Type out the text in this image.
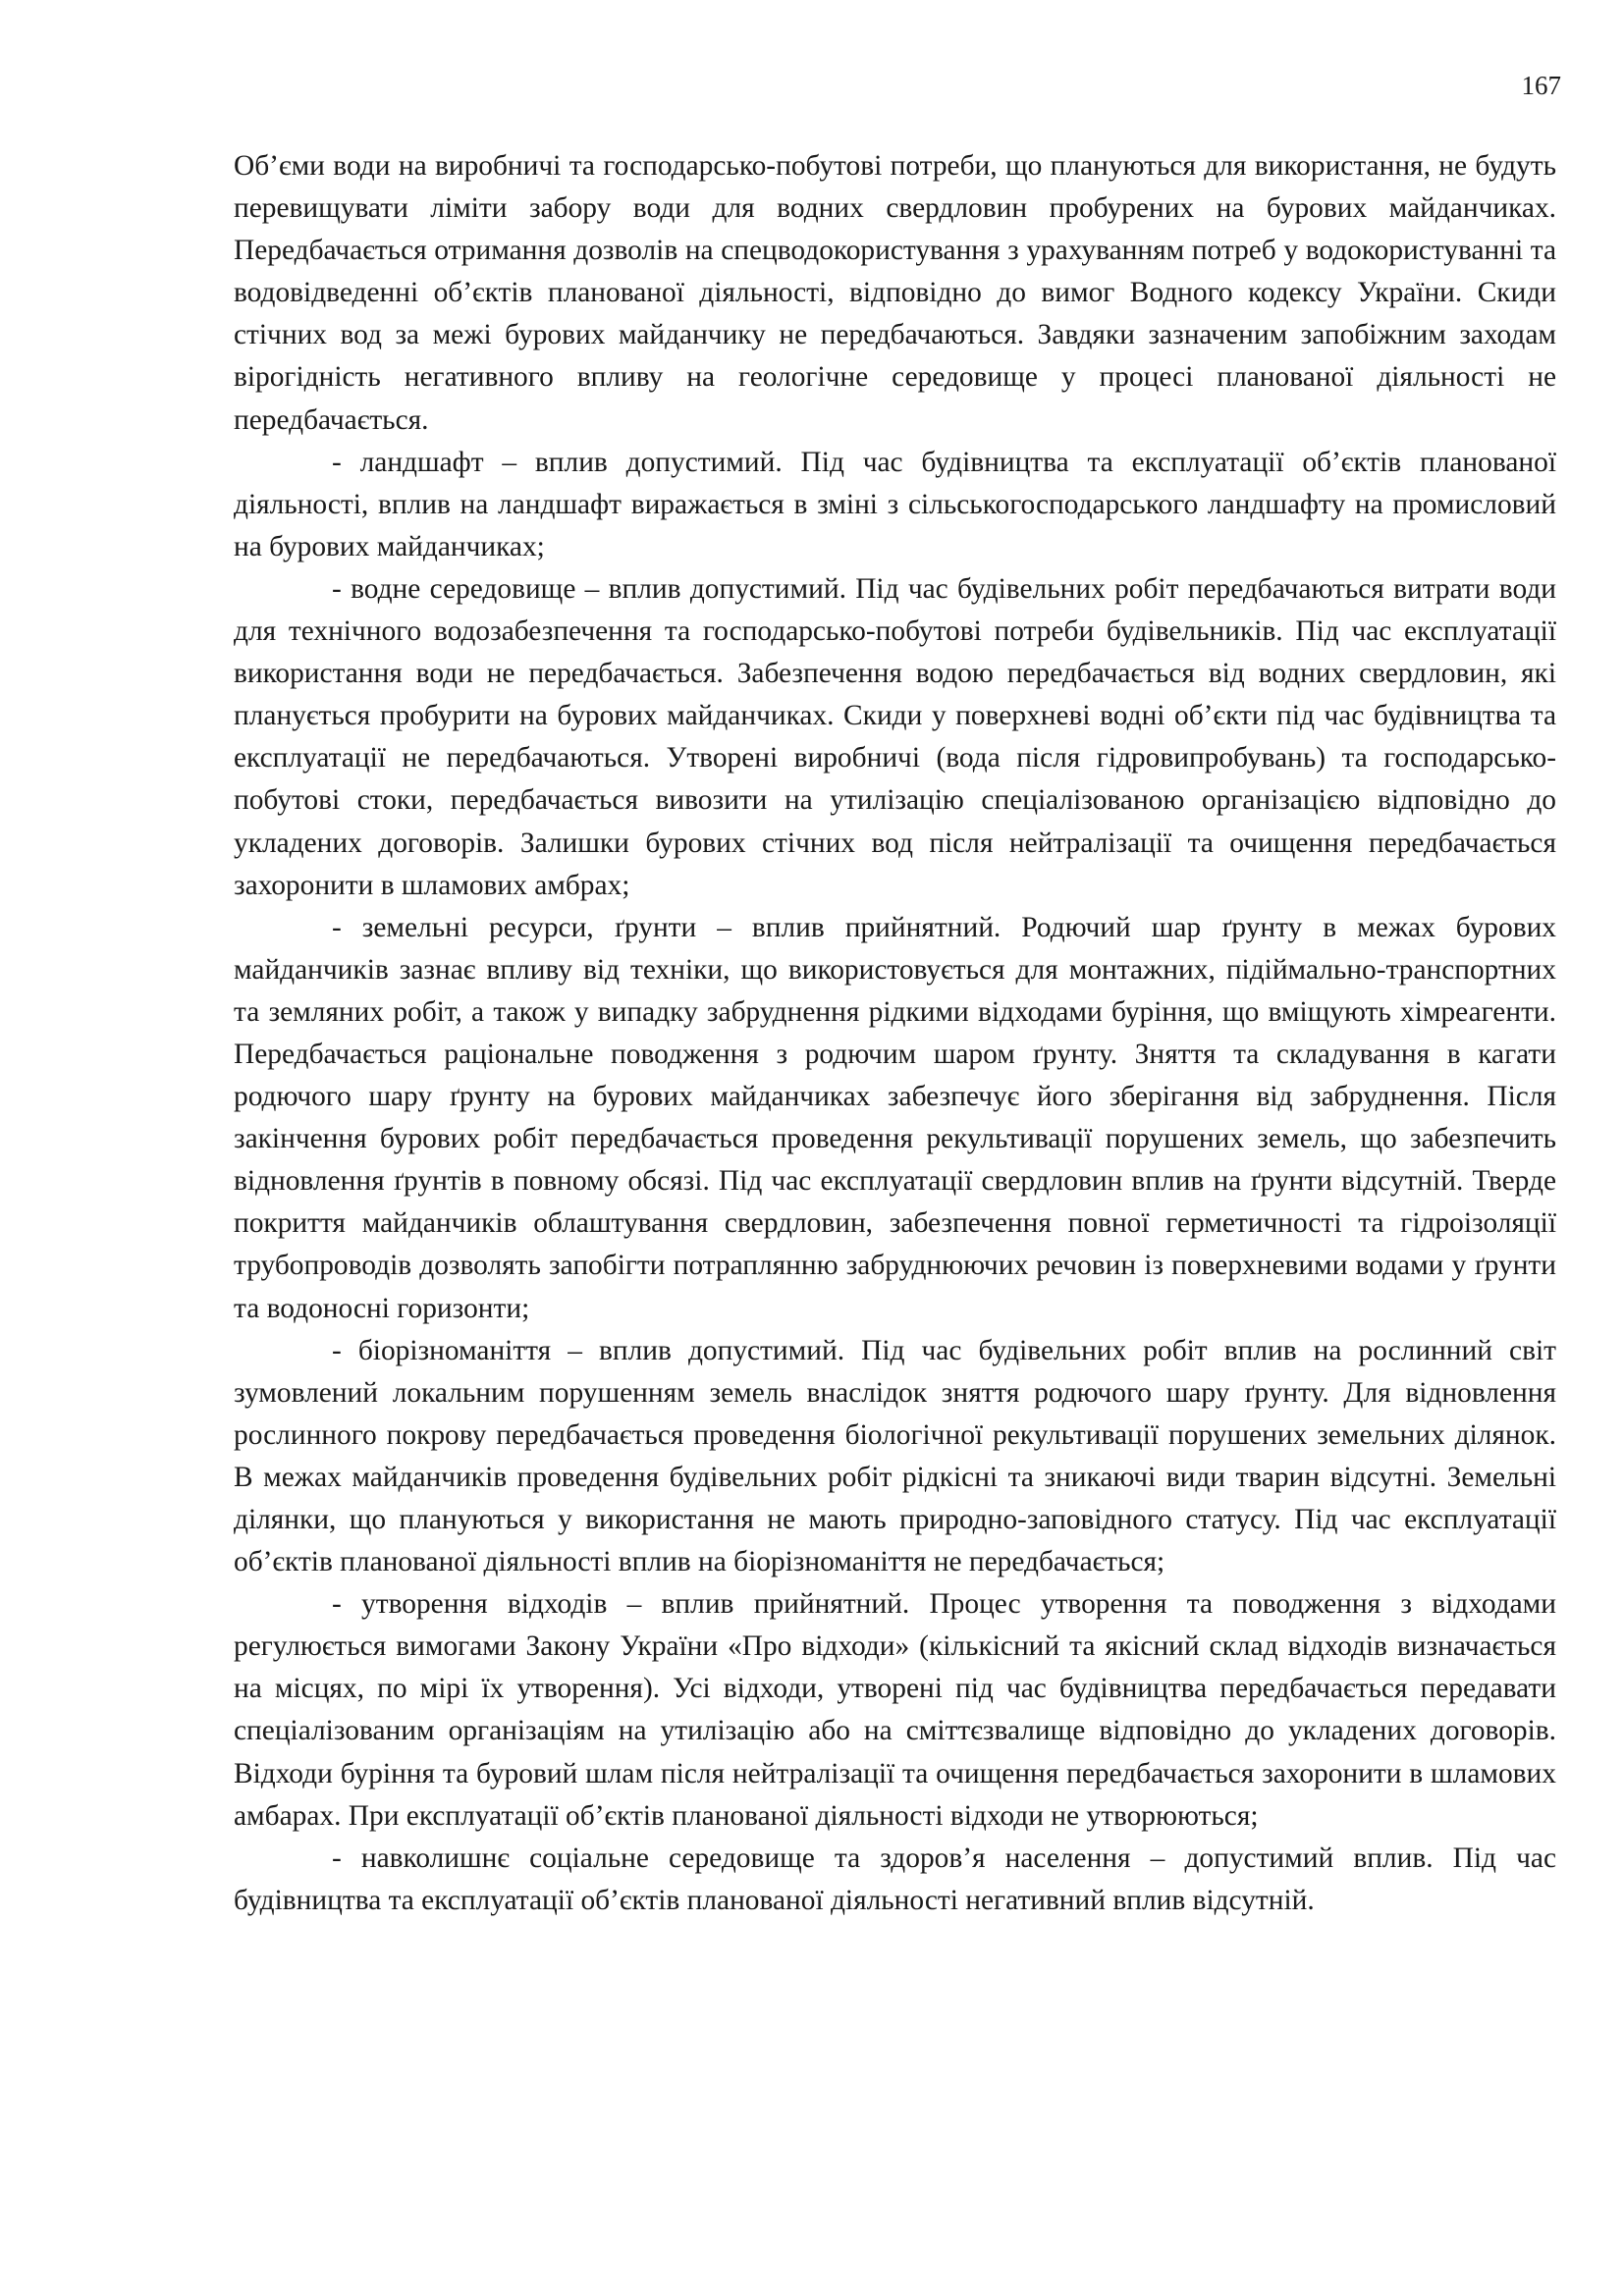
167

Об’єми води на виробничі та господарсько-побутові потреби, що плануються для використання, не будуть перевищувати ліміти забору води для водних свердловин пробурених на бурових майданчиках. Передбачається отримання дозволів на спецводокористування з урахуванням потреб у водокористуванні та водовідведенні об’єктів планованої діяльності, відповідно до вимог Водного кодексу України. Скиди стічних вод за межі бурових майданчику не передбачаються. Завдяки зазначеним запобіжним заходам вірогідність негативного впливу на геологічне середовище у процесі планованої діяльності не передбачається.

- ландшафт – вплив допустимий. Під час будівництва та експлуатації об’єктів планованої діяльності, вплив на ландшафт виражається в зміні з сільськогосподарського ландшафту на промисловий на бурових майданчиках;

- водне середовище – вплив допустимий. Під час будівельних робіт передбачаються витрати води для технічного водозабезпечення та господарсько-побутові потреби будівельників. Під час експлуатації використання води не передбачається. Забезпечення водою передбачається від водних свердловин, які планується пробурити на бурових майданчиках. Скиди у поверхневі водні об’єкти під час будівництва та експлуатації не передбачаються. Утворені виробничі (вода після гідровипробувань) та господарсько-побутові стоки, передбачається вивозити на утилізацію спеціалізованою організацією відповідно до укладених договорів. Залишки бурових стічних вод після нейтралізації та очищення передбачається захоронити в шламових амбрах;

- земельні ресурси, ґрунти – вплив прийнятний. Родючий шар ґрунту в межах бурових майданчиків зазнає впливу від техніки, що використовується для монтажних, підіймально-транспортних та земляних робіт, а також у випадку забруднення рідкими відходами буріння, що вміщують хімреагенти. Передбачається раціональне поводження з родючим шаром ґрунту. Зняття та складування в кагати родючого шару ґрунту на бурових майданчиках забезпечує його зберігання від забруднення. Після закінчення бурових робіт передбачається проведення рекультивації порушених земель, що забезпечить відновлення ґрунтів в повному обсязі. Під час експлуатації свердловин вплив на ґрунти відсутній. Тверде покриття майданчиків облаштування свердловин, забезпечення повної герметичності та гідроізоляції трубопроводів дозволять запобігти потраплянню забруднюючих речовин із поверхневими водами у ґрунти та водоносні горизонти;

- біорізноманіття – вплив допустимий. Під час будівельних робіт вплив на рослинний світ зумовлений локальним порушенням земель внаслідок зняття родючого шару ґрунту. Для відновлення рослинного покрову передбачається проведення біологічної рекультивації порушених земельних ділянок. В межах майданчиків проведення будівельних робіт рідкісні та зникаючі види тварин відсутні. Земельні ділянки, що плануються у використання не мають природно-заповідного статусу. Під час експлуатації об’єктів планованої діяльності вплив на біорізноманіття не передбачається;

- утворення відходів – вплив прийнятний. Процес утворення та поводження з відходами регулюється вимогами Закону України «Про відходи» (кількісний та якісний склад відходів визначається на місцях, по мірі їх утворення). Усі відходи, утворені під час будівництва передбачається передавати спеціалізованим організаціям на утилізацію або на сміттєзвалище відповідно до укладених договорів. Відходи буріння та буровий шлам після нейтралізації та очищення передбачається захоронити в шламових амбарах. При експлуатації об’єктів планованої діяльності відходи не утворюються;

- навколишнє соціальне середовище та здоров’я населення – допустимий вплив. Під час будівництва та експлуатації об’єктів планованої діяльності негативний вплив відсутній.
